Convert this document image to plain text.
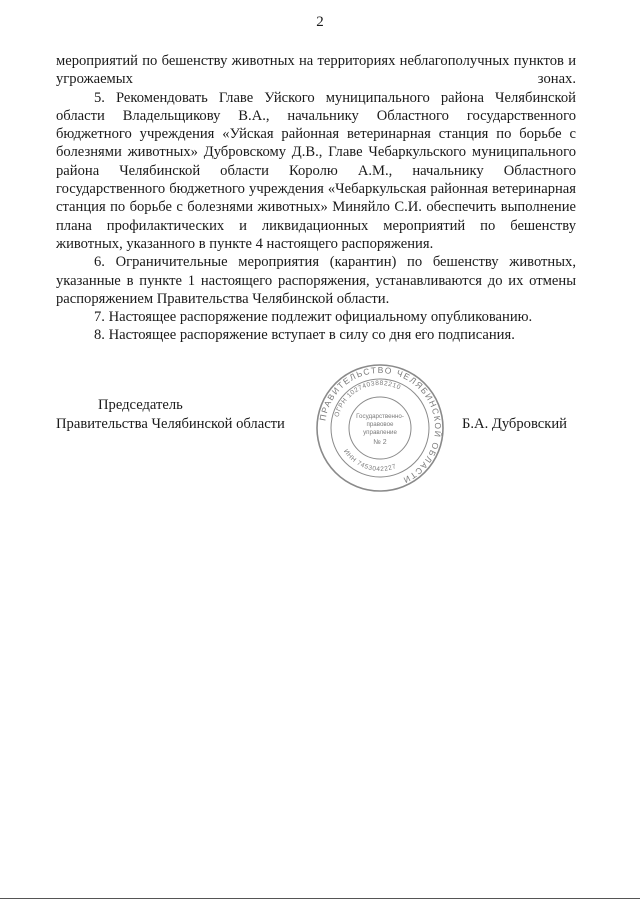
2

мероприятий по бешенству животных на территориях неблагополучных пунктов и угрожаемых зонах.

5. Рекомендовать Главе Уйского муниципального района Челябинской области Владельщикову В.А., начальнику Областного государственного бюджетного учреждения «Уйская районная ветеринарная станция по борьбе с болезнями животных» Дубровскому Д.В., Главе Чебаркульского муниципального района Челябинской области Королю А.М., начальнику Областного государственного бюджетного учреждения «Чебаркульская районная ветеринарная станция по борьбе с болезнями животных» Миняйло С.И. обеспечить выполнение плана профилактических и ликвидационных мероприятий по бешенству животных, указанного в пункте 4 настоящего распоряжения.

6. Ограничительные мероприятия (карантин) по бешенству животных, указанные в пункте 1 настоящего распоряжения, устанавливаются до их отмены распоряжением Правительства Челябинской области.

7. Настоящее распоряжение подлежит официальному опубликованию.

8. Настоящее распоряжение вступает в силу со дня его подписания.

Председатель
Правительства Челябинской области	ПРАВИТЕЛЬСТВО ЧЕЛЯБИНСКОЙ ОБЛАСТИ
ОГРН 1027403882210
ИНН 7453042227
Государственно-
правовое
управление
№ 2
Б.А. Дубровский
